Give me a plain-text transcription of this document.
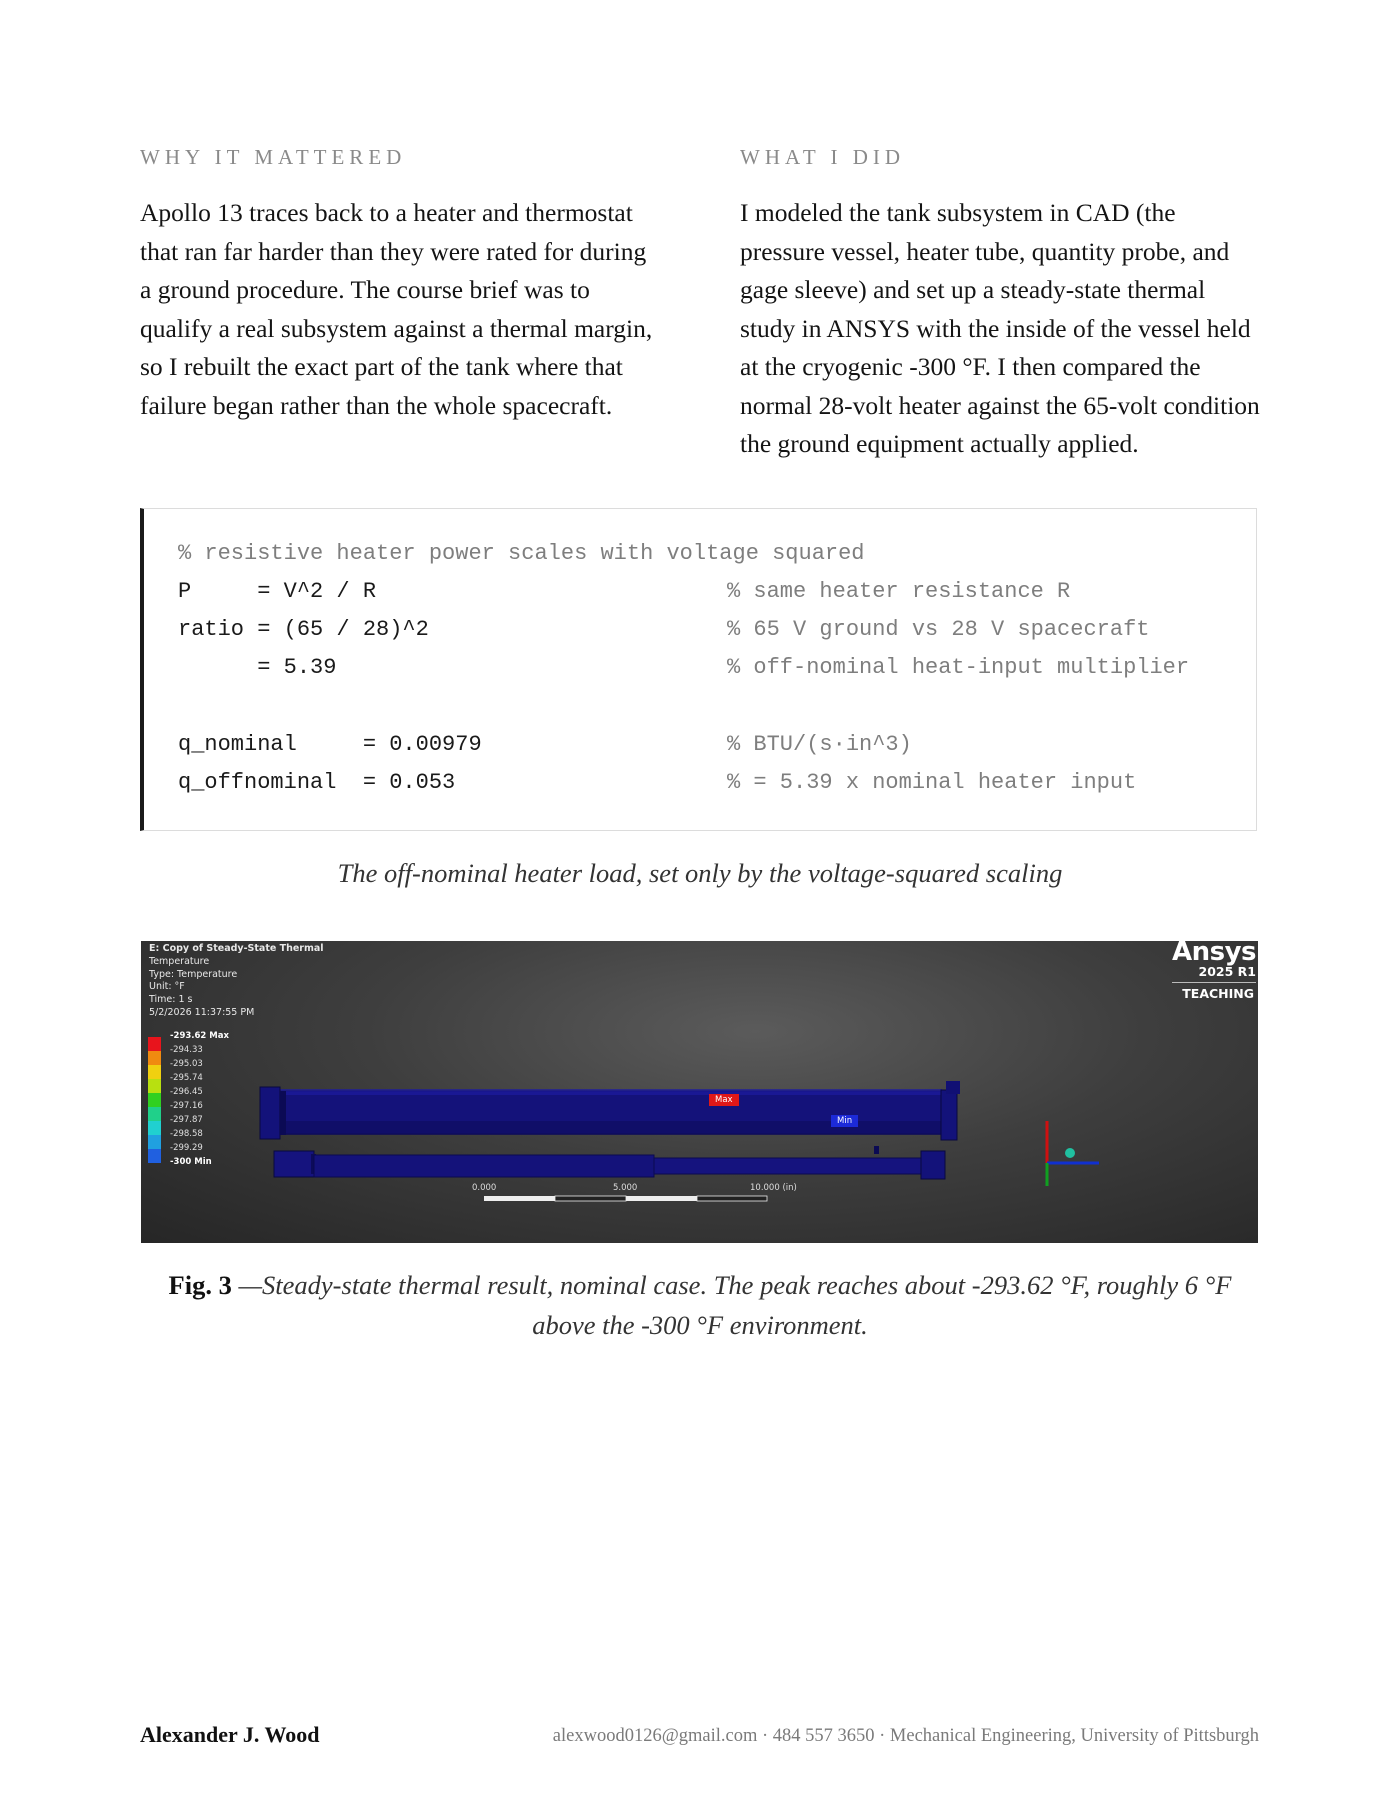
WHY IT MATTERED

Apollo 13 traces back to a heater and thermostat that ran far harder than they were rated for during a ground procedure. The course brief was to qualify a real subsystem against a thermal margin, so I rebuilt the exact part of the tank where that failure began rather than the whole spacecraft.

WHAT I DID

I modeled the tank subsystem in CAD (the pressure vessel, heater tube, quantity probe, and gage sleeve) and set up a steady-state thermal study in ANSYS with the inside of the vessel held at the cryogenic -300 °F. I then compared the normal 28-volt heater against the 65-volt condition the ground equipment actually applied.

% resistive heater power scales with voltage squared
P     = V^2 / R	% same heater resistance R
ratio = (65 / 28)^2	% 65 V ground vs 28 V spacecraft
= 5.39	% off-nominal heat-input multiplier
q_nominal     = 0.00979	% BTU/(s·in^3)
q_offnominal  = 0.053	% = 5.39 x nominal heater input
The off-nominal heater load, set only by the voltage-squared scaling
E: Copy of Steady-State Thermal
Temperature
Type: Temperature
Unit: °F
Time: 1 s
5/2/2026 11:37:55 PM
-293.62 Max
-294.33
-295.03
-295.74
-296.45
-297.16
-297.87
-298.58
-299.29
-300 Min
Ansys
2025 R1
TEACHING
Max
Min
0.000	5.000	10.000 (in)
Fig. 3 —Steady-state thermal result, nominal case. The peak reaches about -293.62 °F, roughly 6 °F above the -300 °F environment.
Alexander J. Wood	alexwood0126@gmail.com · 484 557 3650 · Mechanical Engineering, University of Pittsburgh
